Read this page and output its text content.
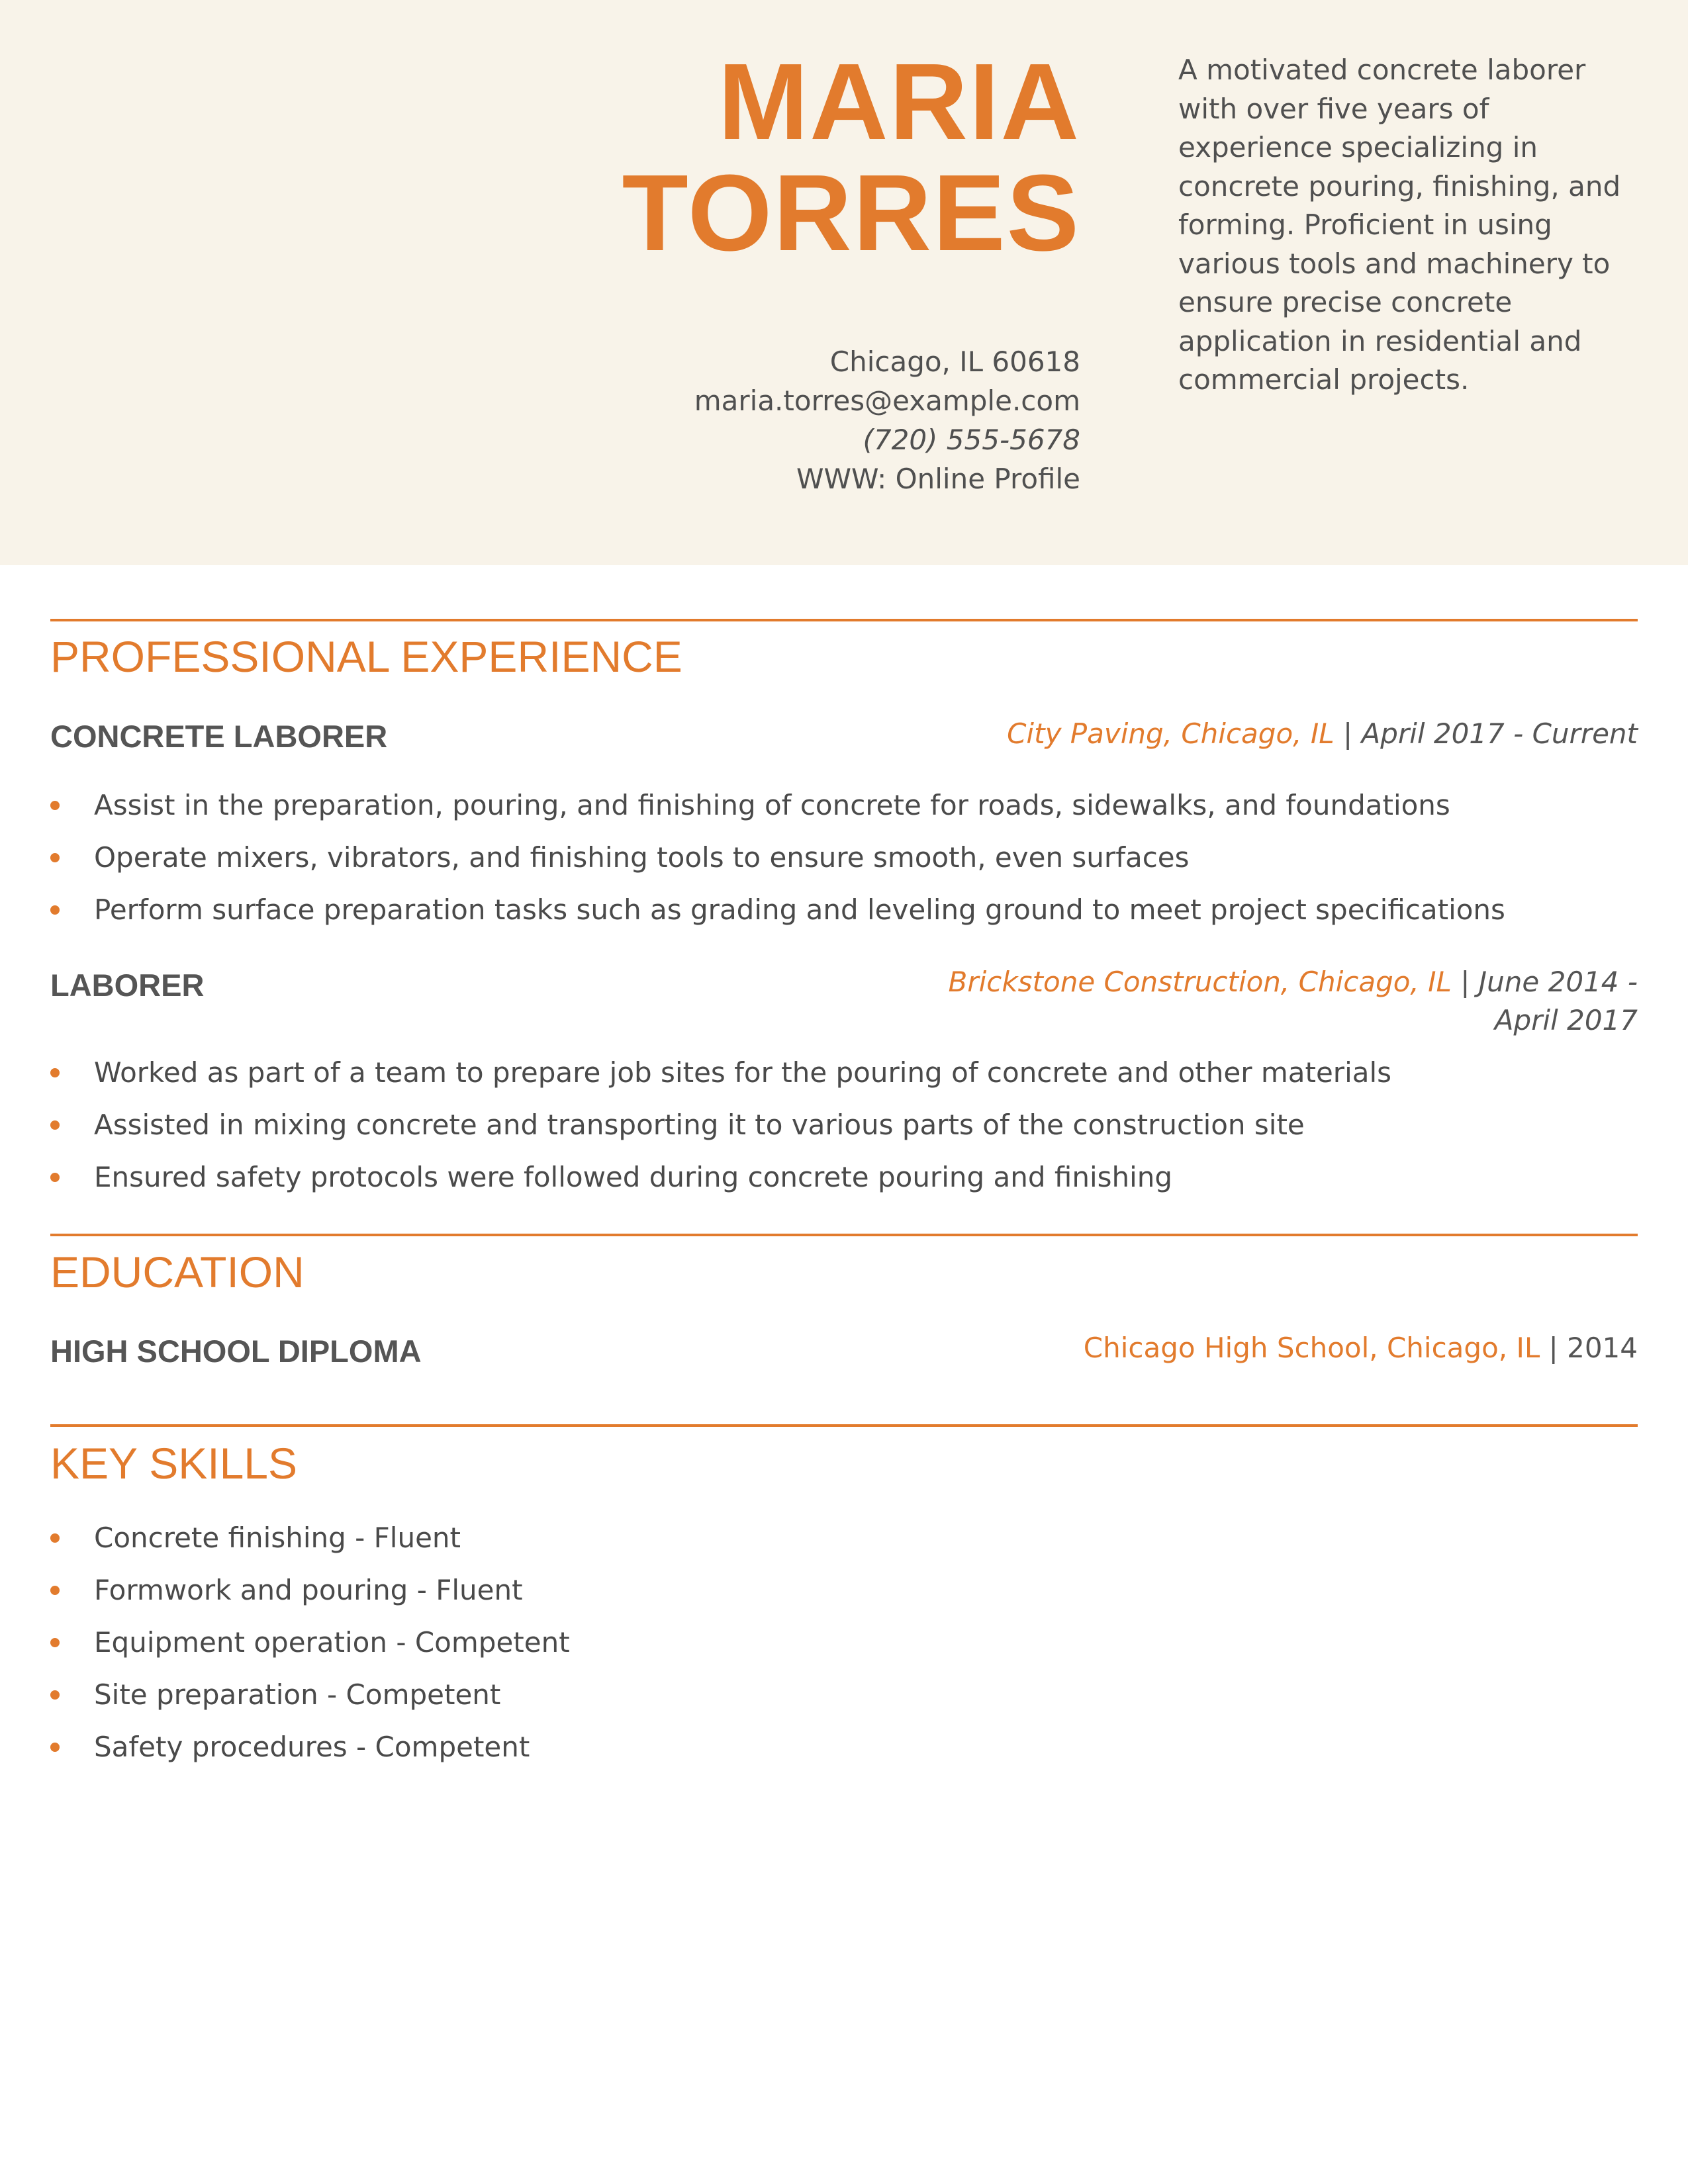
MARIA
TORRES
Chicago, IL 60618
maria.torres@example.com
(720) 555-5678
WWW: Online Profile
A motivated concrete laborer with over five years of experience specializing in concrete pouring, finishing, and forming. Proficient in using various tools and machinery to ensure precise concrete application in residential and commercial projects.
PROFESSIONAL EXPERIENCE
CONCRETE LABORER	City Paving, Chicago, IL | April 2017 - Current
Assist in the preparation, pouring, and finishing of concrete for roads, sidewalks, and foundations
Operate mixers, vibrators, and finishing tools to ensure smooth, even surfaces
Perform surface preparation tasks such as grading and leveling ground to meet project specifications
LABORER	Brickstone Construction, Chicago, IL | June 2014 - April 2017
Worked as part of a team to prepare job sites for the pouring of concrete and other materials
Assisted in mixing concrete and transporting it to various parts of the construction site
Ensured safety protocols were followed during concrete pouring and finishing
EDUCATION
HIGH SCHOOL DIPLOMA	Chicago High School, Chicago, IL | 2014
KEY SKILLS
Concrete finishing - Fluent
Formwork and pouring - Fluent
Equipment operation - Competent
Site preparation - Competent
Safety procedures - Competent
